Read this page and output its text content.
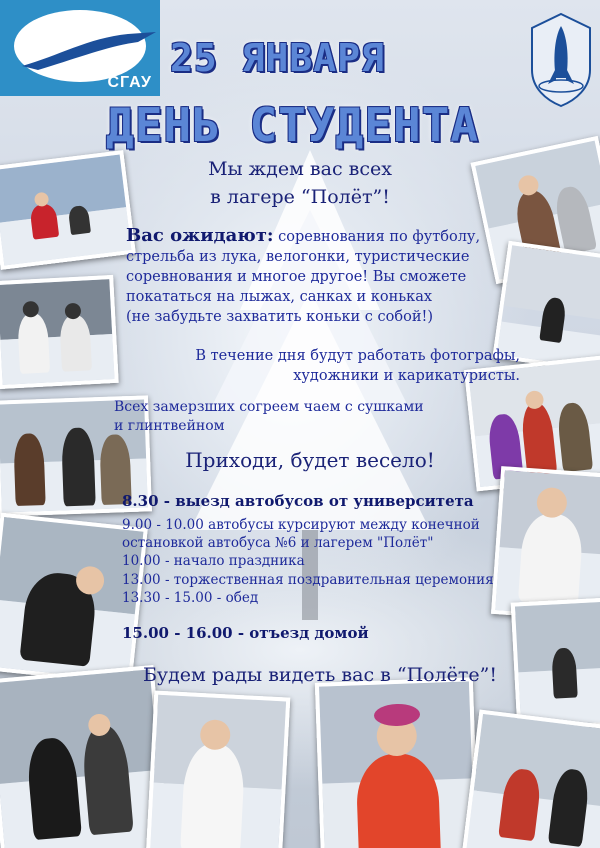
СГАУ
25 ЯНВАРЯ
ДЕНЬ СТУДЕНТА
Мы ждем вас всех
в лагере “Полёт”!
Вас ожидают: соревнования по футболу,
стрельба из лука, велогонки, туристические
соревнования и многое другое! Вы сможете
покататься на лыжах, санках и коньках
(не забудьте захватить коньки с собой!)
В течение дня будут работать фотографы,
художники и карикатуристы.
Всех замерзших согреем чаем с сушками
и глинтвейном
Приходи, будет весело!
8.30 - выезд автобусов от университета
9.00 - 10.00 автобусы курсируют между конечной
остановкой автобуса №6 и лагерем "Полёт"
10.00 - начало праздника
13.00 - торжественная поздравительная церемония
13.30 - 15.00 - обед
15.00 - 16.00 - отъезд домой
Будем рады видеть вас в “Полёте”!
